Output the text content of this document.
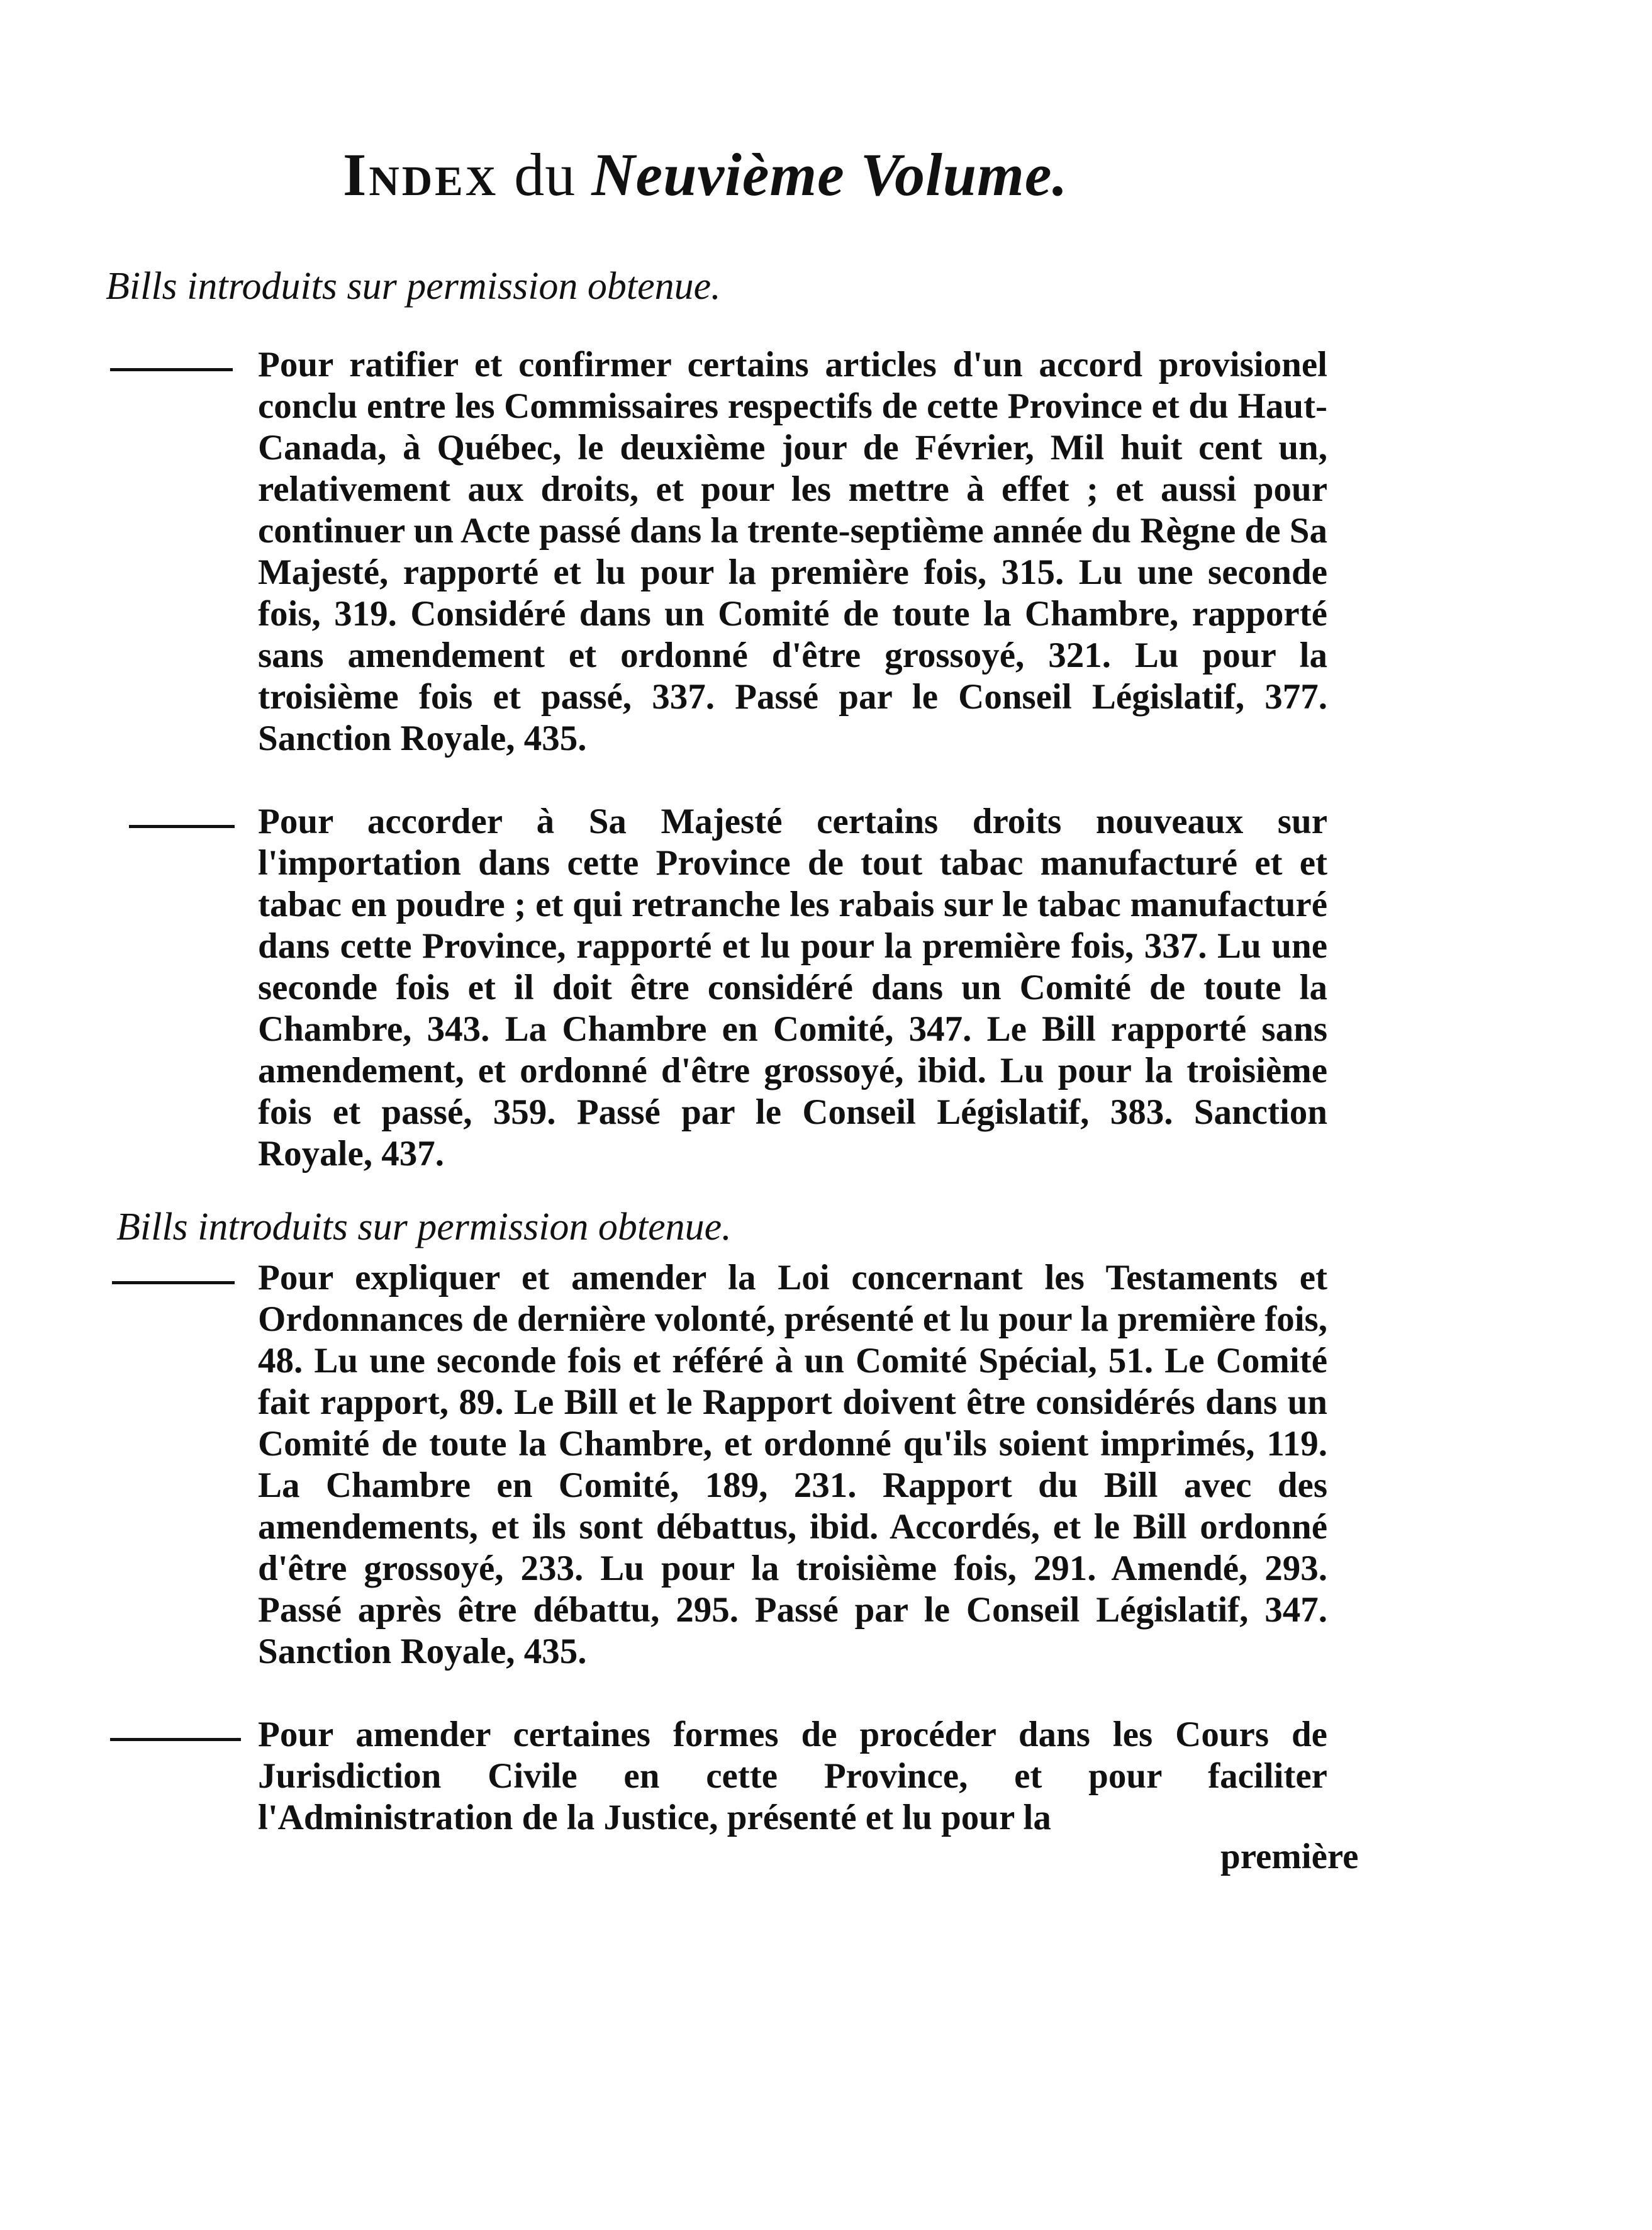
Index du Neuvième Volume.
Bills introduits sur permission obtenue.
Pour ratifier et confirmer certains articles d'un accord provisionel conclu entre les Commissaires respectifs de cette Province et du Haut-Canada, à Québec, le deuxième jour de Février, Mil huit cent un, relativement aux droits, et pour les mettre à effet ; et aussi pour continuer un Acte passé dans la trente-septième année du Règne de Sa Majesté, rapporté et lu pour la première fois, 315. Lu une seconde fois, 319. Considéré dans un Comité de toute la Chambre, rapporté sans amendement et ordonné d'être grossoyé, 321. Lu pour la troisième fois et passé, 337. Passé par le Conseil Législatif, 377. Sanction Royale, 435.
Pour accorder à Sa Majesté certains droits nouveaux sur l'importation dans cette Province de tout tabac manufacturé et et tabac en poudre ; et qui retranche les rabais sur le tabac manufacturé dans cette Province, rapporté et lu pour la première fois, 337. Lu une seconde fois et il doit être considéré dans un Comité de toute la Chambre, 343. La Chambre en Comité, 347. Le Bill rapporté sans amendement, et ordonné d'être grossoyé, ibid. Lu pour la troisième fois et passé, 359. Passé par le Conseil Législatif, 383. Sanction Royale, 437.
Bills introduits sur permission obtenue.
Pour expliquer et amender la Loi concernant les Testaments et Ordonnances de dernière volonté, présenté et lu pour la première fois, 48. Lu une seconde fois et référé à un Comité Spécial, 51. Le Comité fait rapport, 89. Le Bill et le Rapport doivent être considérés dans un Comité de toute la Chambre, et ordonné qu'ils soient imprimés, 119. La Chambre en Comité, 189, 231. Rapport du Bill avec des amendements, et ils sont débattus, ibid. Accordés, et le Bill ordonné d'être grossoyé, 233. Lu pour la troisième fois, 291. Amendé, 293. Passé après être débattu, 295. Passé par le Conseil Législatif, 347. Sanction Royale, 435.
Pour amender certaines formes de procéder dans les Cours de Jurisdiction Civile en cette Province, et pour faciliter l'Administration de la Justice, présenté et lu pour la
première
